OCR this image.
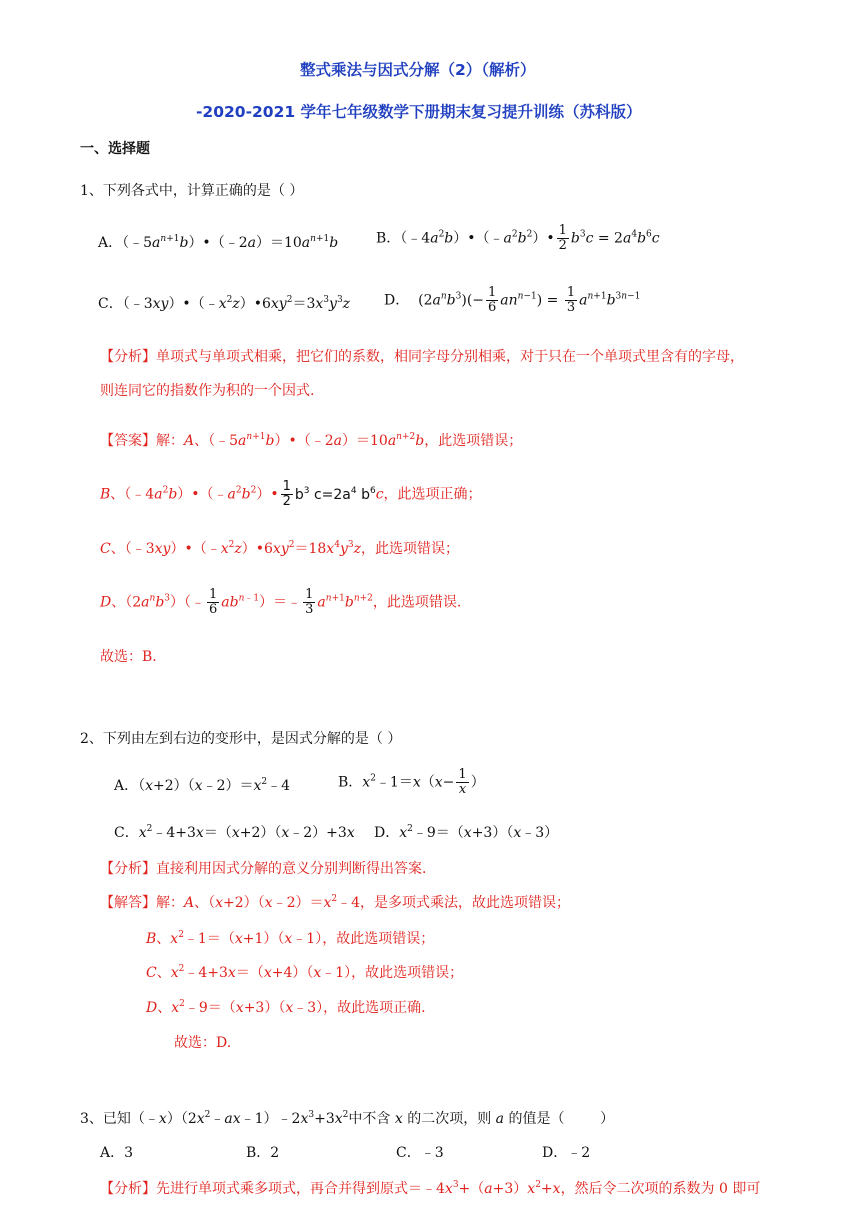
整式乘法与因式分解（2）（解析）
-2020-2021 学年七年级数学下册期末复习提升训练（苏科版）
一、选择题
1、下列各式中，计算正确的是（ ）
A．$(﹣5a^{n+1}b)•(﹣2a)=10a^{n+1}b$	B．$(﹣4a^2b)•(﹣a^2b^2)• \frac{1}{2} b^3c = 2a^4b^6c$
C．$(﹣3xy)•(﹣x^2z)•6xy^2=3x^3y^3z$ D．  $(2a^nb^3)(- \frac{1}{6} an^{n-1}) = \frac{1}{3} a^{n+1}b^{3n-1}$
【分析】单项式与单项式相乘，把它们的系数，相同字母分别相乘，对于只在一个单项式里含有的字母，
则连同它的指数作为积的一个因式.
【答案】解：A、$(﹣5a^{n+1}b)•(﹣2a)=10a^{n+2}b$，此选项错误；
B、$(﹣4a^2b)•(﹣a^2b^2)• \frac{1}{2} b^3$ $c=2a^4$ $b^6c$，此选项正确；
C、$(﹣3xy)•(﹣x^2z)•6xy^2=18x^4y^3z$，此选项错误；
D、$(2a^nb^3)(﹣ \frac{1}{6}$ $ab^{n﹣1})=﹣ \frac{1}{3} a^{n+1}b^{n+2}$，此选项错误.
故选：B.
2、下列由左到右边的变形中，是因式分解的是（ ）
A．$(x+2)(x﹣2)=x^2﹣4$	B．$x^2﹣1=x(x- \frac{1}{x}$ ）
C．$x^2﹣4+3x=(x+2)(x﹣2)+3x$ D．$x^2﹣9=(x+3)(x﹣3)$
【分析】直接利用因式分解的意义分别判断得出答案.
【解答】解：A、$(x+2)(x﹣2)=x^2﹣4$，是多项式乘法，故此选项错误；
B、$x^2﹣1=(x+1)(x﹣1)$，故此选项错误；
C、$x^2﹣4+3x=(x+4)(x﹣1)$，故此选项错误；
D、$x^2﹣9=(x+3)(x﹣3)$，故此选项正确.
故选：D.
3、已知$(﹣x)(2x^2﹣ax﹣1)﹣2x^3+3x^2$中不含 x 的二次项，则 a 的值是（        ）
A．3	B．2	C．﹣3	D．﹣2
【分析】先进行单项式乘多项式，再合并得到原式$=﹣4x^3+(a+3)x^2+x$，然后令二次项的系数为 0 即可
